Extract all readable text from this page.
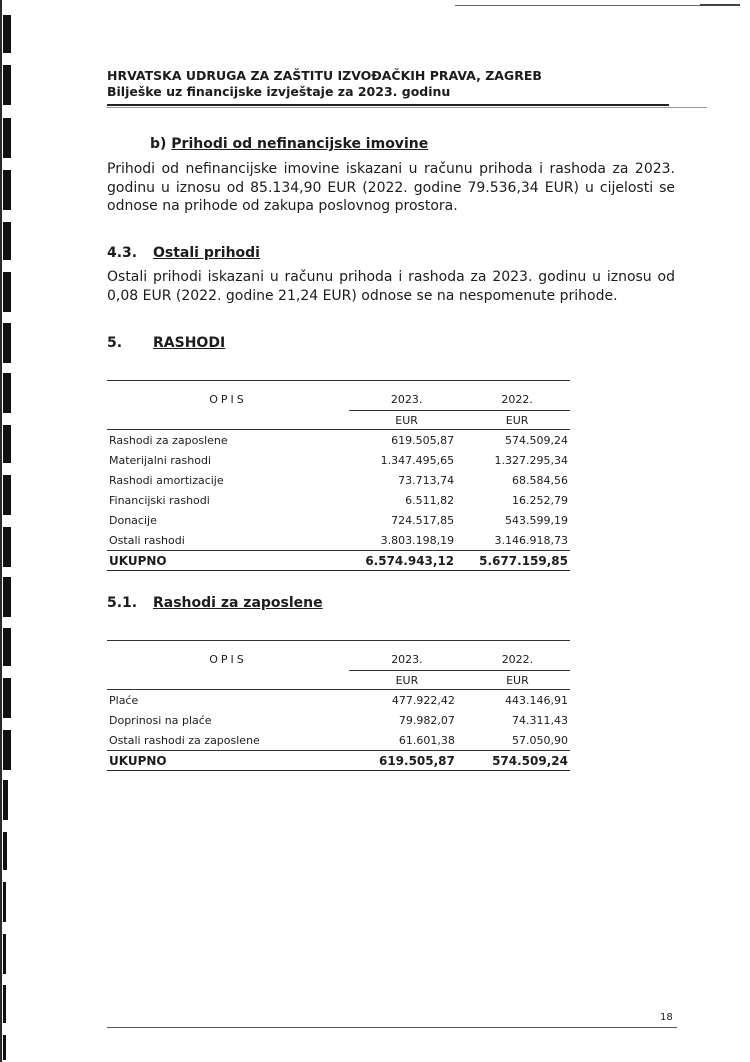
HRVATSKA UDRUGA ZA ZAŠTITU IZVOĐAČKIH PRAVA, ZAGREB
Bilješke uz financijske izvještaje za 2023. godinu
b) Prihodi od nefinancijske imovine
Prihodi od nefinancijske imovine iskazani u računu prihoda i rashoda za 2023. godinu u iznosu od 85.134,90 EUR (2022. godine 79.536,34 EUR) u cijelosti se odnose na prihode od zakupa poslovnog prostora.
4.3. Ostali prihodi
Ostali prihodi iskazani u računu prihoda i rashoda za 2023. godinu u iznosu od 0,08 EUR (2022. godine 21,24 EUR) odnose se na nespomenute prihode.
5. RASHODI

OPIS	2023.	2022.
	EUR	EUR
Rashodi za zaposlene	619.505,87	574.509,24
Materijalni rashodi	1.347.495,65	1.327.295,34
Rashodi amortizacije	73.713,74	68.584,56
Financijski rashodi	6.511,82	16.252,79
Donacije	724.517,85	543.599,19
Ostali rashodi	3.803.198,19	3.146.918,73
UKUPNO	6.574.943,12	5.677.159,85
5.1. Rashodi za zaposlene

OPIS	2023.	2022.
	EUR	EUR
Plaće	477.922,42	443.146,91
Doprinosi na plaće	79.982,07	74.311,43
Ostali rashodi za zaposlene	61.601,38	57.050,90
UKUPNO	619.505,87	574.509,24
18
